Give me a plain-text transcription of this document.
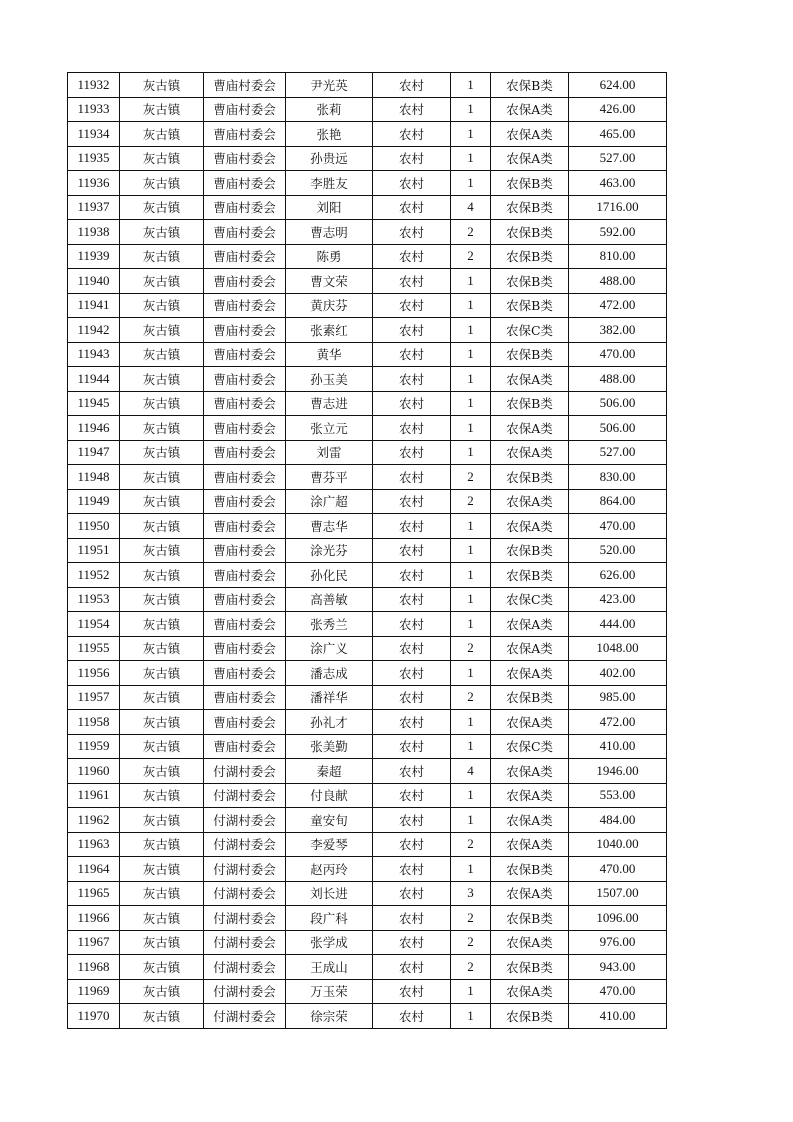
11932	灰古镇	曹庙村委会	尹光英	农村	1	农保B类	624.00
11933	灰古镇	曹庙村委会	张莉	农村	1	农保A类	426.00
11934	灰古镇	曹庙村委会	张艳	农村	1	农保A类	465.00
11935	灰古镇	曹庙村委会	孙贵远	农村	1	农保A类	527.00
11936	灰古镇	曹庙村委会	李胜友	农村	1	农保B类	463.00
11937	灰古镇	曹庙村委会	刘阳	农村	4	农保B类	1716.00
11938	灰古镇	曹庙村委会	曹志明	农村	2	农保B类	592.00
11939	灰古镇	曹庙村委会	陈勇	农村	2	农保B类	810.00
11940	灰古镇	曹庙村委会	曹文荣	农村	1	农保B类	488.00
11941	灰古镇	曹庙村委会	黄庆芬	农村	1	农保B类	472.00
11942	灰古镇	曹庙村委会	张素红	农村	1	农保C类	382.00
11943	灰古镇	曹庙村委会	黄华	农村	1	农保B类	470.00
11944	灰古镇	曹庙村委会	孙玉美	农村	1	农保A类	488.00
11945	灰古镇	曹庙村委会	曹志进	农村	1	农保B类	506.00
11946	灰古镇	曹庙村委会	张立元	农村	1	农保A类	506.00
11947	灰古镇	曹庙村委会	刘雷	农村	1	农保A类	527.00
11948	灰古镇	曹庙村委会	曹芬平	农村	2	农保B类	830.00
11949	灰古镇	曹庙村委会	涂广超	农村	2	农保A类	864.00
11950	灰古镇	曹庙村委会	曹志华	农村	1	农保A类	470.00
11951	灰古镇	曹庙村委会	涂光芬	农村	1	农保B类	520.00
11952	灰古镇	曹庙村委会	孙化民	农村	1	农保B类	626.00
11953	灰古镇	曹庙村委会	高善敏	农村	1	农保C类	423.00
11954	灰古镇	曹庙村委会	张秀兰	农村	1	农保A类	444.00
11955	灰古镇	曹庙村委会	涂广义	农村	2	农保A类	1048.00
11956	灰古镇	曹庙村委会	潘志成	农村	1	农保A类	402.00
11957	灰古镇	曹庙村委会	潘祥华	农村	2	农保B类	985.00
11958	灰古镇	曹庙村委会	孙礼才	农村	1	农保A类	472.00
11959	灰古镇	曹庙村委会	张美勤	农村	1	农保C类	410.00
11960	灰古镇	付湖村委会	秦超	农村	4	农保A类	1946.00
11961	灰古镇	付湖村委会	付良献	农村	1	农保A类	553.00
11962	灰古镇	付湖村委会	童安旬	农村	1	农保A类	484.00
11963	灰古镇	付湖村委会	李爱琴	农村	2	农保A类	1040.00
11964	灰古镇	付湖村委会	赵丙玲	农村	1	农保B类	470.00
11965	灰古镇	付湖村委会	刘长进	农村	3	农保A类	1507.00
11966	灰古镇	付湖村委会	段广科	农村	2	农保B类	1096.00
11967	灰古镇	付湖村委会	张学成	农村	2	农保A类	976.00
11968	灰古镇	付湖村委会	王成山	农村	2	农保B类	943.00
11969	灰古镇	付湖村委会	万玉荣	农村	1	农保A类	470.00
11970	灰古镇	付湖村委会	徐宗荣	农村	1	农保B类	410.00
